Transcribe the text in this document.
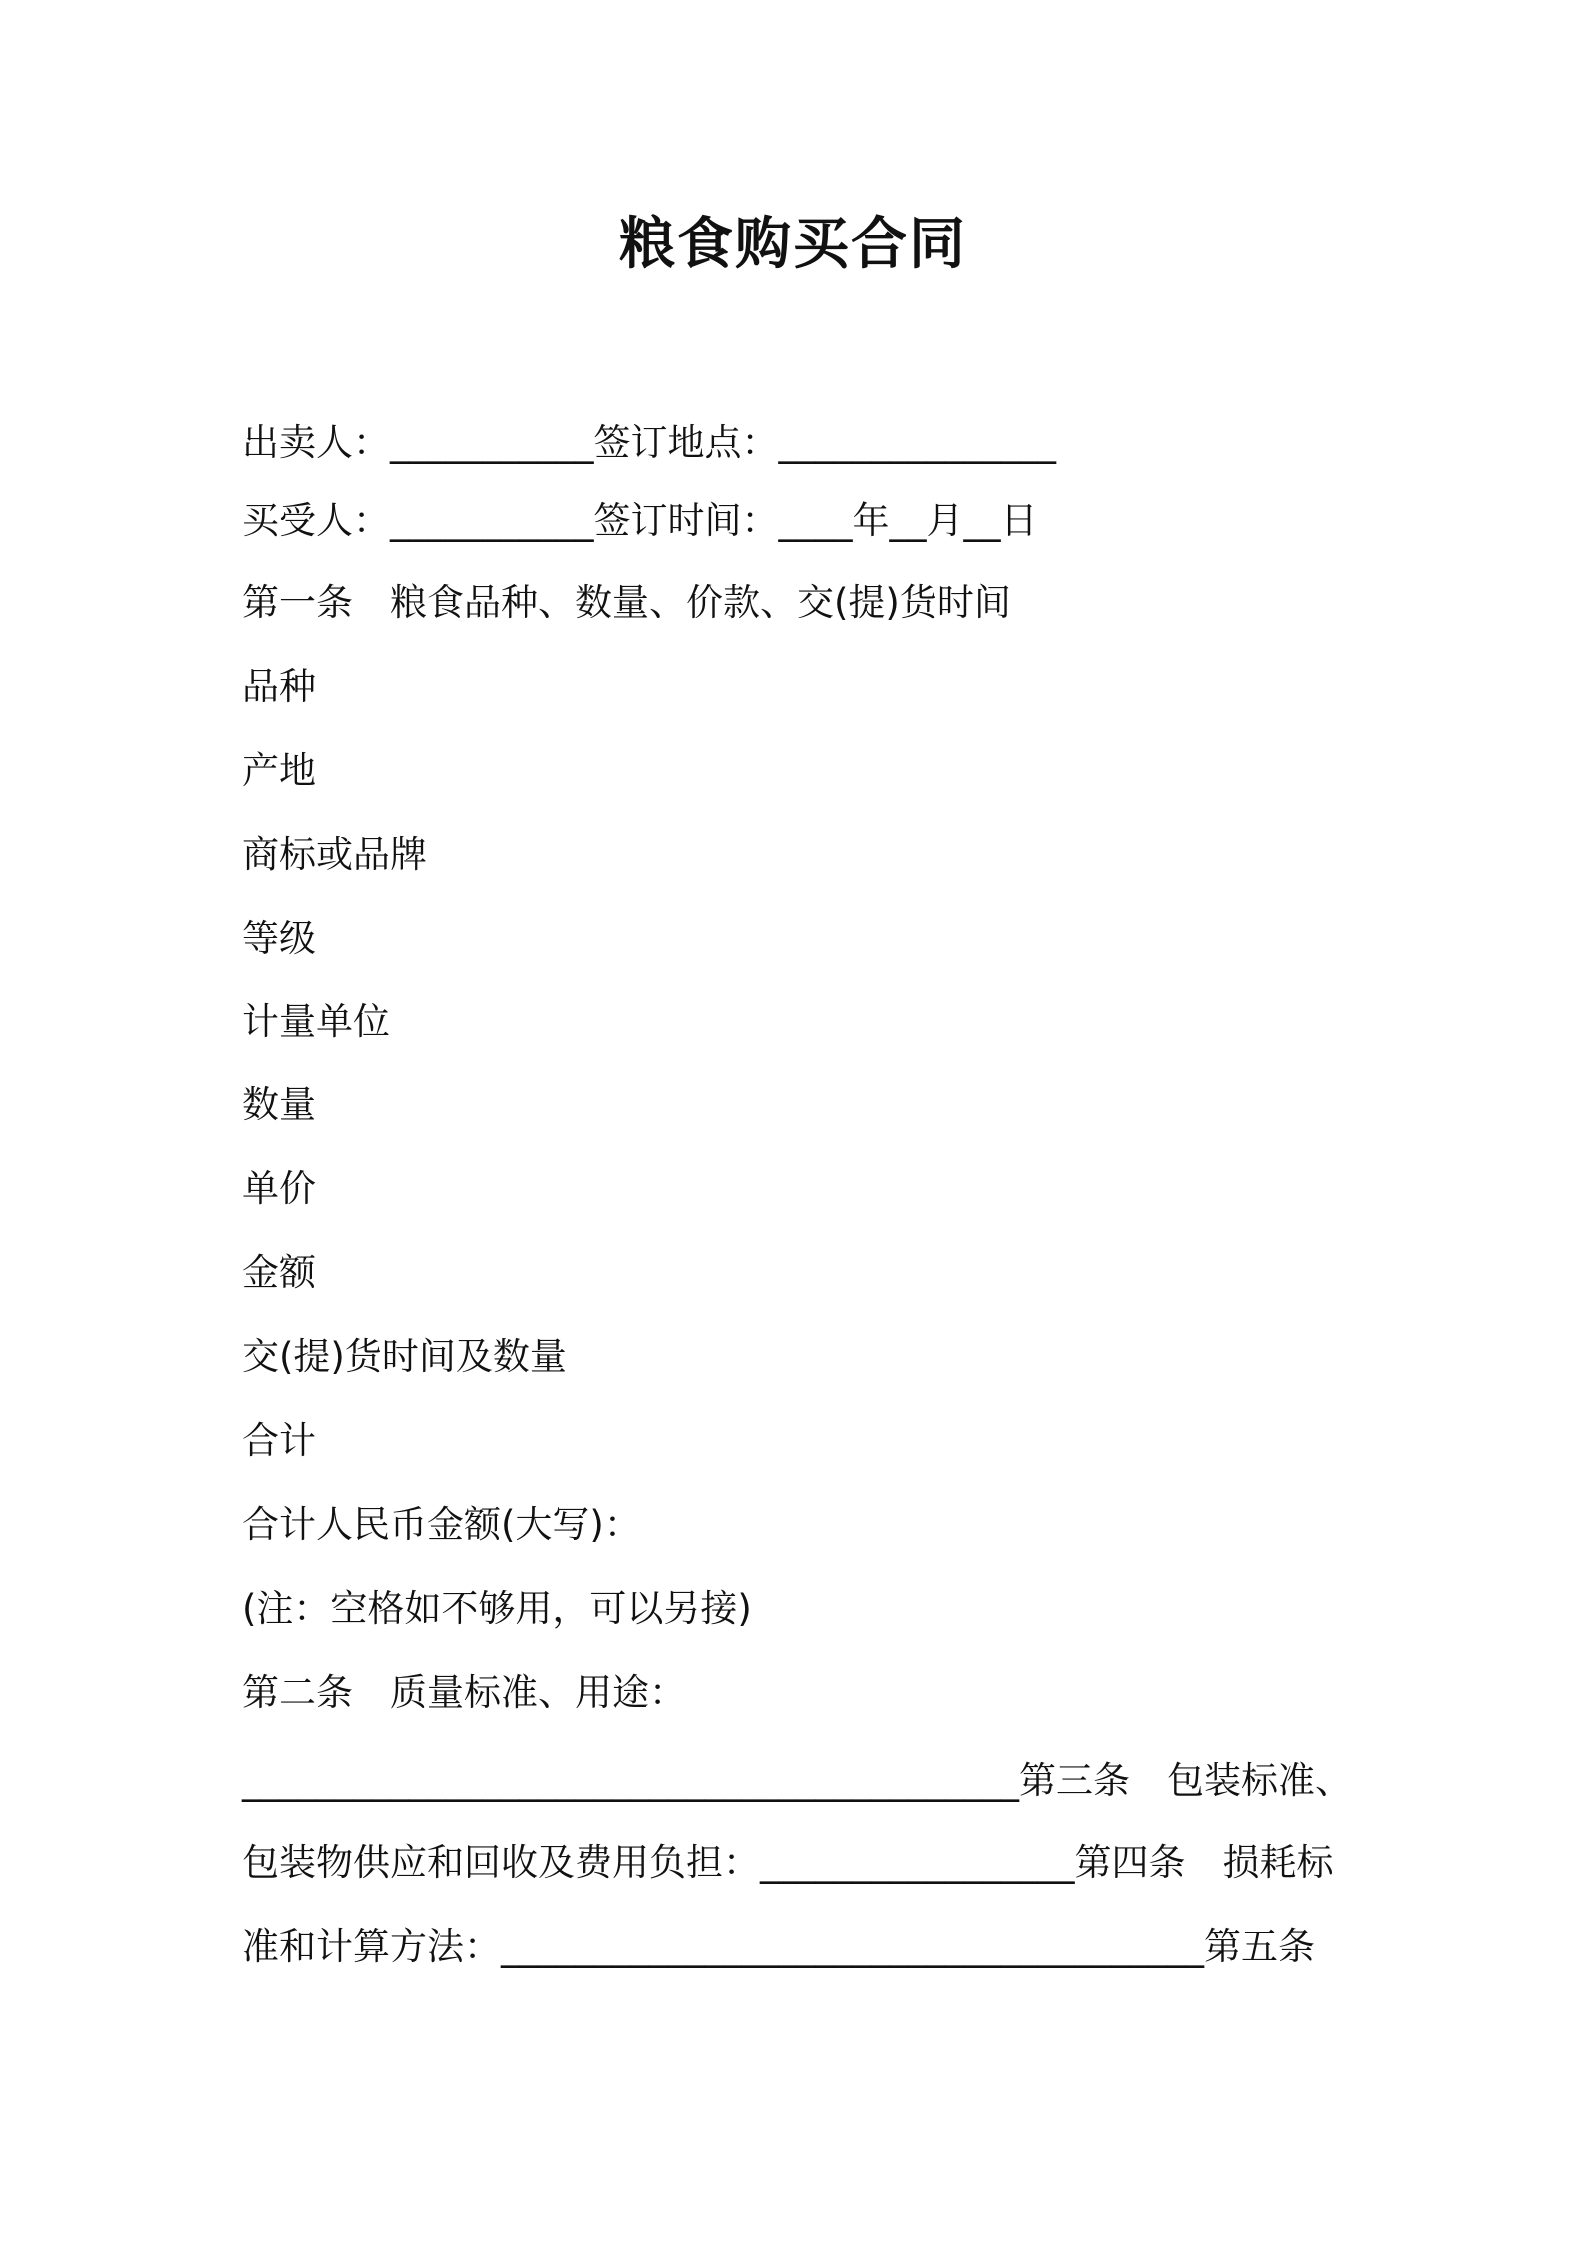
粮食购买合同
出卖人：___________签订地点：_______________
买受人：___________签订时间：____年__月__日
第一条　粮食品种、数量、价款、交(提)货时间
品种
产地
商标或品牌
等级
计量单位
数量
单价
金额
交(提)货时间及数量
合计
合计人民币金额(大写)：
(注：空格如不够用，可以另接)
第二条　质量标准、用途：
__________________________________________第三条　包装标准、
包装物供应和回收及费用负担：_________________第四条　损耗标
准和计算方法：______________________________________第五条
